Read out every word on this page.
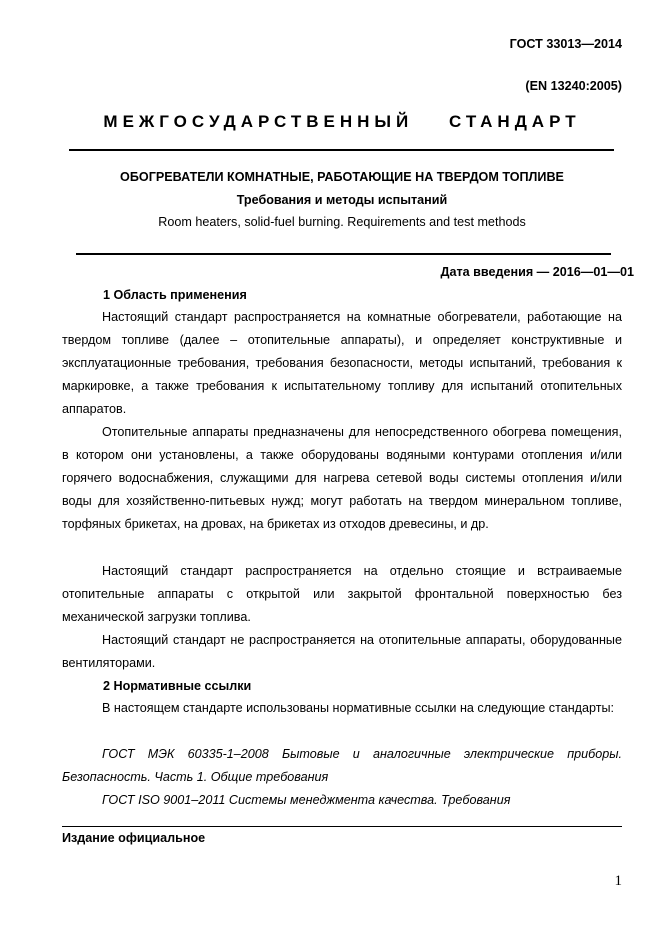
ГОСТ 33013—2014
(EN 13240:2005)
МЕЖГОСУДАРСТВЕННЫЙ СТАНДАРТ
ОБОГРЕВАТЕЛИ КОМНАТНЫЕ, РАБОТАЮЩИЕ НА ТВЕРДОМ ТОПЛИВЕ
Требования и методы испытаний
Room heaters, solid-fuel burning. Requirements and test methods
Дата введения — 2016—01—01
1 Область применения

Настоящий стандарт распространяется на комнатные обогреватели, работающие на твердом топливе (далее – отопительные аппараты), и определяет конструктивные и эксплуатационные требования, требования безопасности, методы испытаний, требования к маркировке, а также требования к испытательному топливу для испытаний отопительных аппаратов.

Отопительные аппараты предназначены для непосредственного обогрева помещения, в котором они установлены, а также оборудованы водяными контурами отопления и/или горячего водоснабжения, служащими для нагрева сетевой воды системы отопления и/или воды для хозяйственно-питьевых нужд; могут работать на твердом минеральном топливе, торфяных брикетах, на дровах, на брикетах из отходов древесины, и др.

Настоящий стандарт распространяется на отдельно стоящие и встраиваемые отопительные аппараты с открытой или закрытой фронтальной поверхностью без механической загрузки топлива.

Настоящий стандарт не распространяется на отопительные аппараты, оборудованные вентиляторами.

2 Нормативные ссылки

В настоящем стандарте использованы нормативные ссылки на следующие стандарты:

ГОСТ МЭК 60335-1–2008 Бытовые и аналогичные электрические приборы. Безопасность. Часть 1. Общие требования

ГОСТ ISO 9001–2011 Системы менеджмента качества. Требования

Издание официальное
1
